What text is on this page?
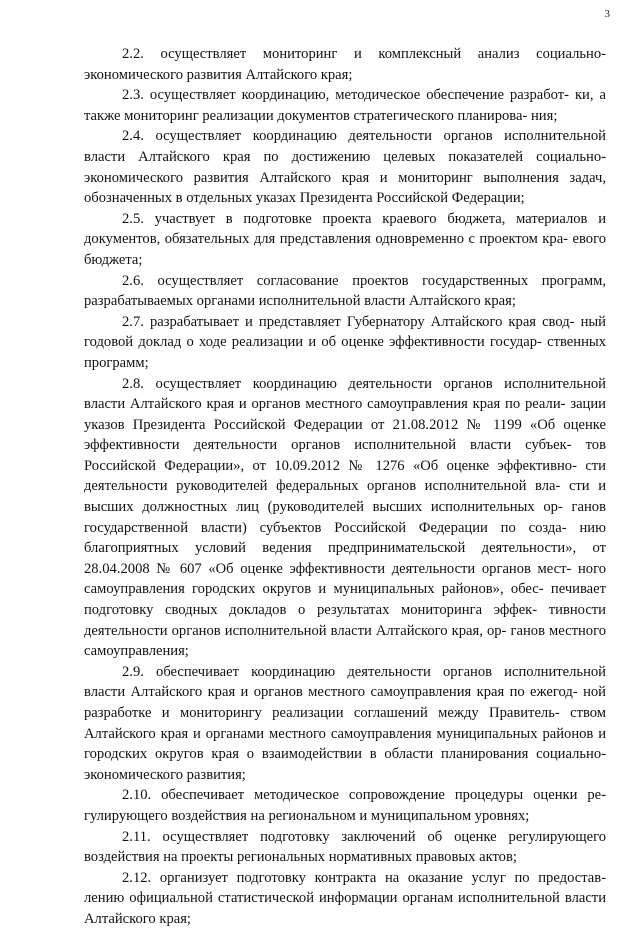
3

2.2. осуществляет мониторинг и комплексный анализ социально- экономического развития Алтайского края;

2.3. осуществляет координацию, методическое обеспечение разработ- ки, а также мониторинг реализации документов стратегического планирова- ния;

2.4. осуществляет координацию деятельности органов исполнительной власти Алтайского края по достижению целевых показателей социально- экономического развития Алтайского края и мониторинг выполнения задач, обозначенных в отдельных указах Президента Российской Федерации;

2.5. участвует в подготовке проекта краевого бюджета, материалов и документов, обязательных для представления одновременно с проектом кра- евого бюджета;

2.6. осуществляет согласование проектов государственных программ, разрабатываемых органами исполнительной власти Алтайского края;

2.7. разрабатывает и представляет Губернатору Алтайского края свод- ный годовой доклад о ходе реализации и об оценке эффективности государ- ственных программ;

2.8. осуществляет координацию деятельности органов исполнительной власти Алтайского края и органов местного самоуправления края по реали- зации указов Президента Российской Федерации от 21.08.2012 № 1199 «Об оценке эффективности деятельности органов исполнительной власти субъек- тов Российской Федерации», от 10.09.2012 № 1276 «Об оценке эффективно- сти деятельности руководителей федеральных органов исполнительной вла- сти и высших должностных лиц (руководителей высших исполнительных ор- ганов государственной власти) субъектов Российской Федерации по созда- нию благоприятных условий ведения предпринимательской деятельности», от 28.04.2008 № 607 «Об оценке эффективности деятельности органов мест- ного самоуправления городских округов и муниципальных районов», обес- печивает подготовку сводных докладов о результатах мониторинга эффек- тивности деятельности органов исполнительной власти Алтайского края, ор- ганов местного самоуправления;

2.9. обеспечивает координацию деятельности органов исполнительной власти Алтайского края и органов местного самоуправления края по ежегод- ной разработке и мониторингу реализации соглашений между Правитель- ством Алтайского края и органами местного самоуправления муниципальных районов и городских округов края о взаимодействии в области планирования социально-экономического развития;

2.10. обеспечивает методическое сопровождение процедуры оценки ре- гулирующего воздействия на региональном и муниципальном уровнях;

2.11. осуществляет подготовку заключений об оценке регулирующего воздействия на проекты региональных нормативных правовых актов;

2.12. организует подготовку контракта на оказание услуг по предостав- лению официальной статистической информации органам исполнительной власти Алтайского края;
